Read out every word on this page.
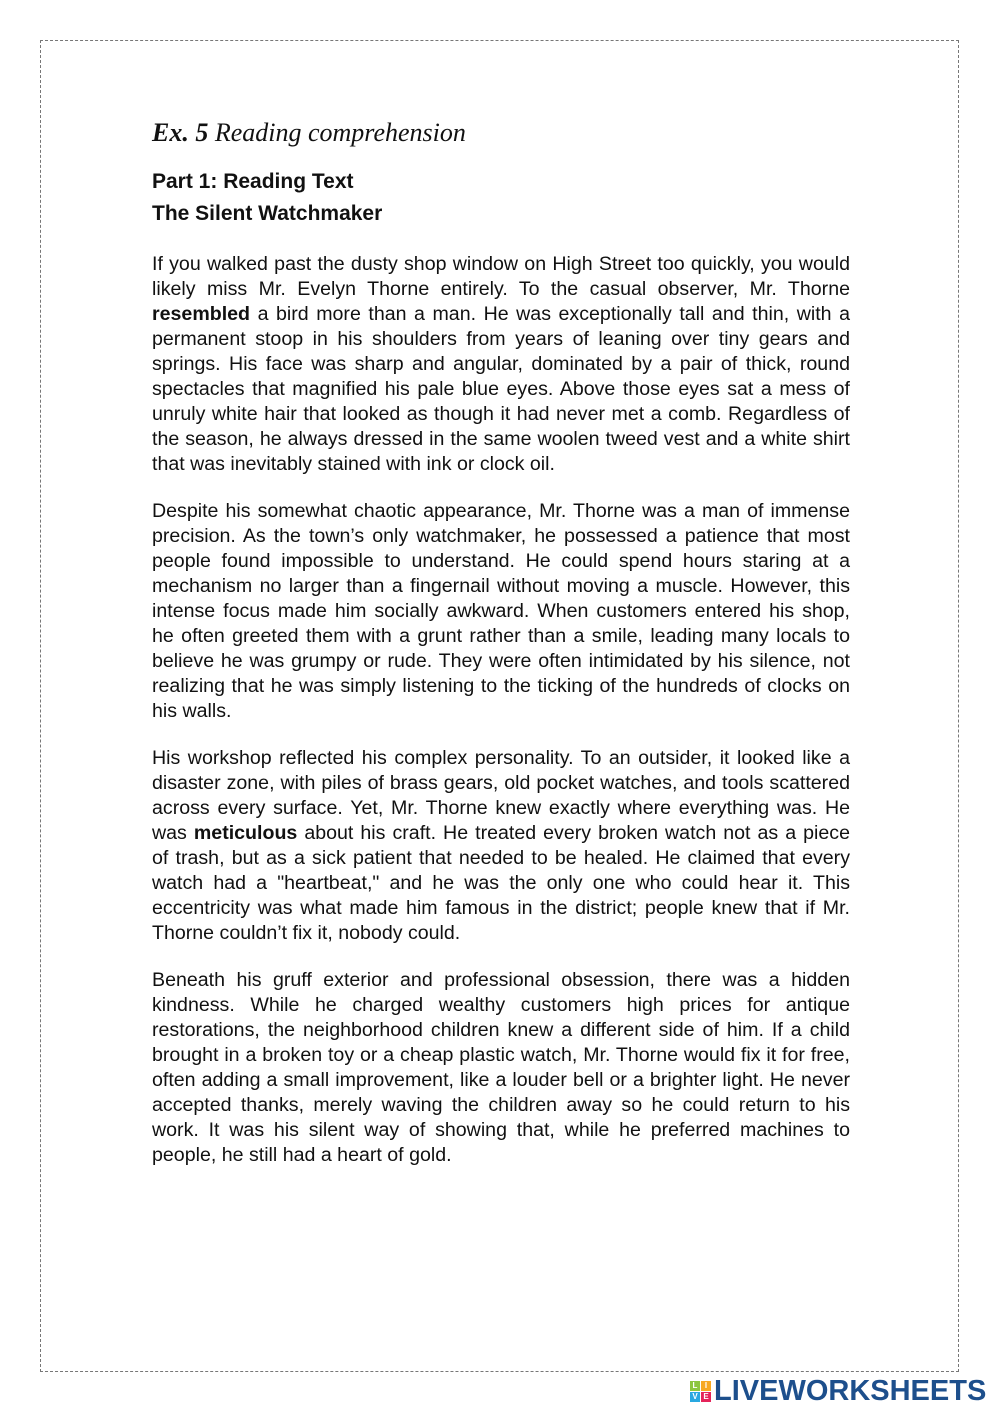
Ex. 5 Reading comprehension
Part 1: Reading Text
The Silent Watchmaker

If you walked past the dusty shop window on High Street too quickly, you would likely miss Mr. Evelyn Thorne entirely. To the casual observer, Mr. Thorne resembled a bird more than a man. He was exceptionally tall and thin, with a permanent stoop in his shoulders from years of leaning over tiny gears and springs. His face was sharp and angular, dominated by a pair of thick, round spectacles that magnified his pale blue eyes. Above those eyes sat a mess of unruly white hair that looked as though it had never met a comb. Regardless of the season, he always dressed in the same woolen tweed vest and a white shirt that was inevitably stained with ink or clock oil.

Despite his somewhat chaotic appearance, Mr. Thorne was a man of immense precision. As the town’s only watchmaker, he possessed a patience that most people found impossible to understand. He could spend hours staring at a mechanism no larger than a fingernail without moving a muscle. However, this intense focus made him socially awkward. When customers entered his shop, he often greeted them with a grunt rather than a smile, leading many locals to believe he was grumpy or rude. They were often intimidated by his silence, not realizing that he was simply listening to the ticking of the hundreds of clocks on his walls.

His workshop reflected his complex personality. To an outsider, it looked like a disaster zone, with piles of brass gears, old pocket watches, and tools scattered across every surface. Yet, Mr. Thorne knew exactly where everything was. He was meticulous about his craft. He treated every broken watch not as a piece of trash, but as a sick patient that needed to be healed. He claimed that every watch had a "heartbeat," and he was the only one who could hear it. This eccentricity was what made him famous in the district; people knew that if Mr. Thorne couldn’t fix it, nobody could.

Beneath his gruff exterior and professional obsession, there was a hidden kindness. While he charged wealthy customers high prices for antique restorations, the neighborhood children knew a different side of him. If a child brought in a broken toy or a cheap plastic watch, Mr. Thorne would fix it for free, often adding a small improvement, like a louder bell or a brighter light. He never accepted thanks, merely waving the children away so he could return to his work. It was his silent way of showing that, while he preferred machines to people, he still had a heart of gold.

L I
V E LIVEWORKSHEETS
